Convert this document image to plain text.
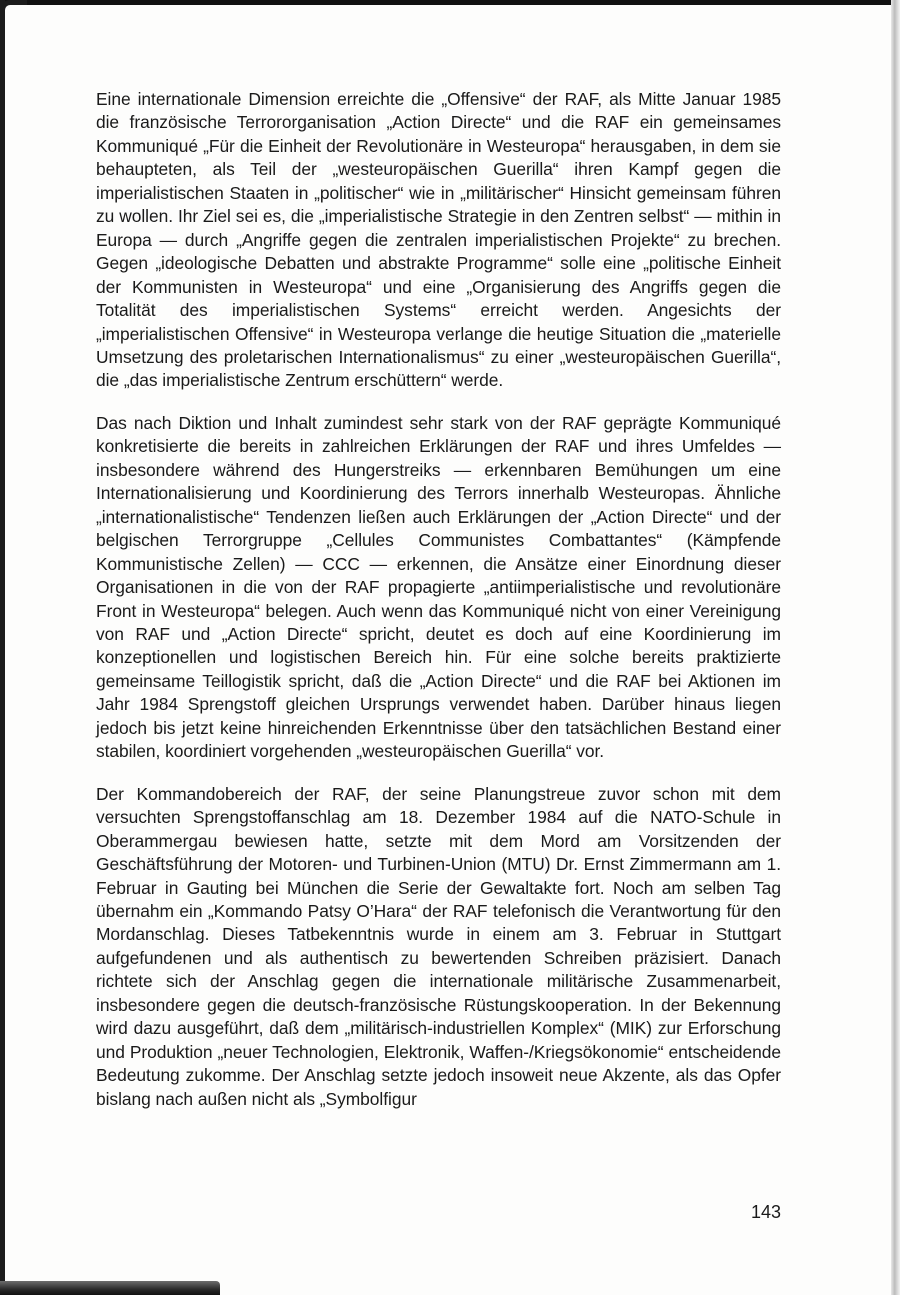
Eine internationale Dimension erreichte die „Offensive“ der RAF, als Mitte Januar 1985 die französische Terrororganisation „Action Directe“ und die RAF ein gemeinsames Kommuniqué „Für die Einheit der Revolutionäre in Westeuropa“ herausgaben, in dem sie behaupteten, als Teil der „westeuropäischen Guerilla“ ihren Kampf gegen die imperialistischen Staaten in „politischer“ wie in „militärischer“ Hinsicht gemeinsam führen zu wollen. Ihr Ziel sei es, die „imperialistische Strategie in den Zentren selbst“ — mithin in Europa — durch „Angriffe gegen die zentralen imperialistischen Projekte“ zu brechen. Gegen „ideologische Debatten und abstrakte Programme“ solle eine „politische Einheit der Kommunisten in Westeuropa“ und eine „Organisierung des Angriffs gegen die Totalität des imperialistischen Systems“ erreicht werden. Angesichts der „imperialistischen Offensive“ in Westeuropa verlange die heutige Situation die „materielle Umsetzung des proletarischen Internationalismus“ zu einer „westeuropäischen Guerilla“, die „das imperialistische Zentrum erschüttern“ werde.

Das nach Diktion und Inhalt zumindest sehr stark von der RAF geprägte Kommuniqué konkretisierte die bereits in zahlreichen Erklärungen der RAF und ihres Umfeldes — insbesondere während des Hungerstreiks — erkennbaren Bemühungen um eine Internationalisierung und Koordinierung des Terrors innerhalb Westeuropas. Ähnliche „internationalistische“ Tendenzen ließen auch Erklärungen der „Action Directe“ und der belgischen Terrorgruppe „Cellules Communistes Combattantes“ (Kämpfende Kommunistische Zellen) — CCC — erkennen, die Ansätze einer Einordnung dieser Organisationen in die von der RAF propagierte „antiimperialistische und revolutionäre Front in Westeuropa“ belegen. Auch wenn das Kommuniqué nicht von einer Vereinigung von RAF und „Action Directe“ spricht, deutet es doch auf eine Koordinierung im konzeptionellen und logistischen Bereich hin. Für eine solche bereits praktizierte gemeinsame Teillogistik spricht, daß die „Action Directe“ und die RAF bei Aktionen im Jahr 1984 Sprengstoff gleichen Ursprungs verwendet haben. Darüber hinaus liegen jedoch bis jetzt keine hinreichenden Erkenntnisse über den tatsächlichen Bestand einer stabilen, koordiniert vorgehenden „westeuropäischen Guerilla“ vor.

Der Kommandobereich der RAF, der seine Planungstreue zuvor schon mit dem versuchten Sprengstoffanschlag am 18. Dezember 1984 auf die NATO-Schule in Oberammergau bewiesen hatte, setzte mit dem Mord am Vorsitzenden der Geschäftsführung der Motoren- und Turbinen-Union (MTU) Dr. Ernst Zimmermann am 1. Februar in Gauting bei München die Serie der Gewaltakte fort. Noch am selben Tag übernahm ein „Kommando Patsy O’Hara“ der RAF telefonisch die Verantwortung für den Mordanschlag. Dieses Tatbekenntnis wurde in einem am 3. Februar in Stuttgart aufgefundenen und als authentisch zu bewertenden Schreiben präzisiert. Danach richtete sich der Anschlag gegen die internationale militärische Zusammenarbeit, insbesondere gegen die deutsch-französische Rüstungskooperation. In der Bekennung wird dazu ausgeführt, daß dem „militärisch-industriellen Komplex“ (MIK) zur Erforschung und Produktion „neuer Technologien, Elektronik, Waffen-/Kriegsökonomie“ entscheidende Bedeutung zukomme. Der Anschlag setzte jedoch insoweit neue Akzente, als das Opfer bislang nach außen nicht als „Symbolfigur

143
